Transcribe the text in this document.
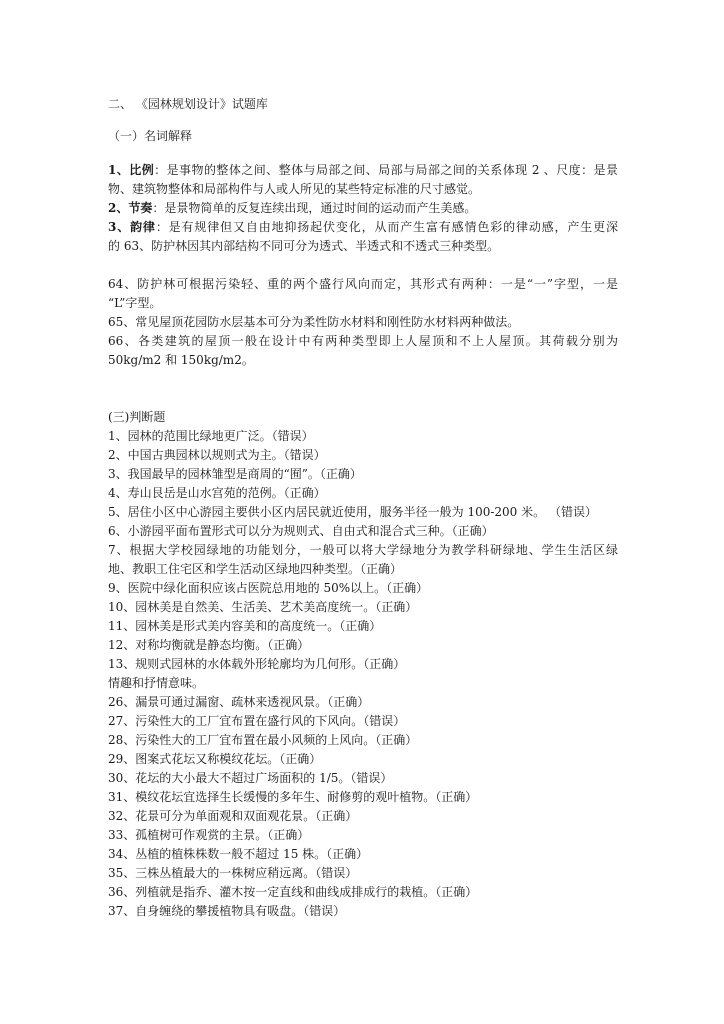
二、 《园林规划设计》试题库
（一）名词解释
1、比例：是事物的整体之间、整体与局部之间、局部与局部之间的关系体现 2 、尺度：是景
物、建筑物整体和局部构件与人或人所见的某些特定标准的尺寸感觉。
2、节奏：是景物简单的反复连续出现，通过时间的运动而产生美感。
3、韵律：是有规律但又自由地抑扬起伏变化，从而产生富有感情色彩的律动感，产生更深
的 63、防护林因其内部结构不同可分为透式、半透式和不透式三种类型。
64、防护林可根据污染轻、重的两个盛行风向而定，其形式有两种：一是“一”字型，一是
“L”字型。
65、常见屋顶花园防水层基本可分为柔性防水材料和刚性防水材料两种做法。
66、各类建筑的屋顶一般在设计中有两种类型即上人屋顶和不上人屋顶。其荷载分别为
50kg/m2 和 150kg/m2。
(三)判断题
1、园林的范围比绿地更广泛。（错误）
2、中国古典园林以规则式为主。（错误）
3、我国最早的园林雏型是商周的“囿”。（正确）
4、寿山艮岳是山水宫苑的范例。（正确）
5、居住小区中心游园主要供小区内居民就近使用，服务半径一般为 100-200 米。 （错误）
6、小游园平面布置形式可以分为规则式、自由式和混合式三种。（正确）
7、根据大学校园绿地的功能划分，一般可以将大学绿地分为教学科研绿地、学生生活区绿
地、教职工住宅区和学生活动区绿地四种类型。（正确）
9、医院中绿化面积应该占医院总用地的 50%以上。（正确）
10、园林美是自然美、生活美、艺术美高度统一。（正确）
11、园林美是形式美内容美和的高度统一。（正确）
12、对称均衡就是静态均衡。（正确）
13、规则式园林的水体载外形轮廓均为几何形。（正确）
情趣和抒情意味。
26、漏景可通过漏窗、疏林来透视风景。（正确）
27、污染性大的工厂宜布置在盛行风的下风向。（错误）
28、污染性大的工厂宜布置在最小风频的上风向。（正确）
29、图案式花坛又称模纹花坛。（正确）
30、花坛的大小最大不超过广场面积的 1/5。（错误）
31、模纹花坛宜选择生长缓慢的多年生、耐修剪的观叶植物。（正确）
32、花景可分为单面观和双面观花景。（正确）
33、孤植树可作观赏的主景。（正确）
34、丛植的植株株数一般不超过 15 株。（正确）
35、三株丛植最大的一株树应稍远离。（错误）
36、列植就是指乔、灌木按一定直线和曲线成排成行的栽植。（正确）
37、自身缠绕的攀援植物具有吸盘。（错误）
